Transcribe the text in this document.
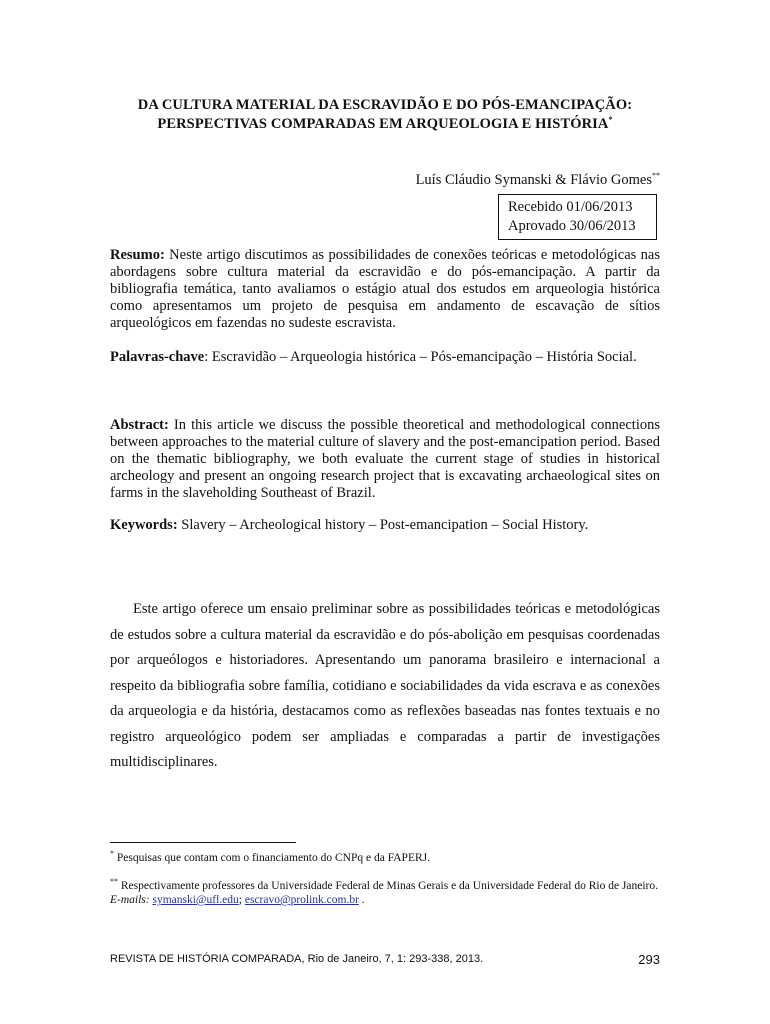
DA CULTURA MATERIAL DA ESCRAVIDÃO E DO PÓS-EMANCIPAÇÃO:
PERSPECTIVAS COMPARADAS EM ARQUEOLOGIA E HISTÓRIA*
Luís Cláudio Symanski & Flávio Gomes**
Recebido 01/06/2013
Aprovado 30/06/2013
Resumo: Neste artigo discutimos as possibilidades de conexões teóricas e metodológicas nas abordagens sobre cultura material da escravidão e do pós-emancipação. A partir da bibliografia temática, tanto avaliamos o estágio atual dos estudos em arqueologia histórica como apresentamos um projeto de pesquisa em andamento de escavação de sítios arqueológicos em fazendas no sudeste escravista.
Palavras-chave: Escravidão – Arqueologia histórica – Pós-emancipação – História Social.
Abstract: In this article we discuss the possible theoretical and methodological connections between approaches to the material culture of slavery and the post-emancipation period. Based on the thematic bibliography, we both evaluate the current stage of studies in historical archeology and present an ongoing research project that is excavating archaeological sites on farms in the slaveholding Southeast of Brazil.
Keywords: Slavery – Archeological history – Post-emancipation – Social History.
Este artigo oferece um ensaio preliminar sobre as possibilidades teóricas e metodológicas de estudos sobre a cultura material da escravidão e do pós-abolição em pesquisas coordenadas por arqueólogos e historiadores. Apresentando um panorama brasileiro e internacional a respeito da bibliografia sobre família, cotidiano e sociabilidades da vida escrava e as conexões da arqueologia e da história, destacamos como as reflexões baseadas nas fontes textuais e no registro arqueológico podem ser ampliadas e comparadas a partir de investigações multidisciplinares.
* Pesquisas que contam com o financiamento do CNPq e da FAPERJ.
** Respectivamente professores da Universidade Federal de Minas Gerais e da Universidade Federal do Rio de Janeiro. E-mails: symanski@ufl.edu; escravo@prolink.com.br .
REVISTA DE HISTÓRIA COMPARADA, Rio de Janeiro, 7, 1: 293-338, 2013.	293
